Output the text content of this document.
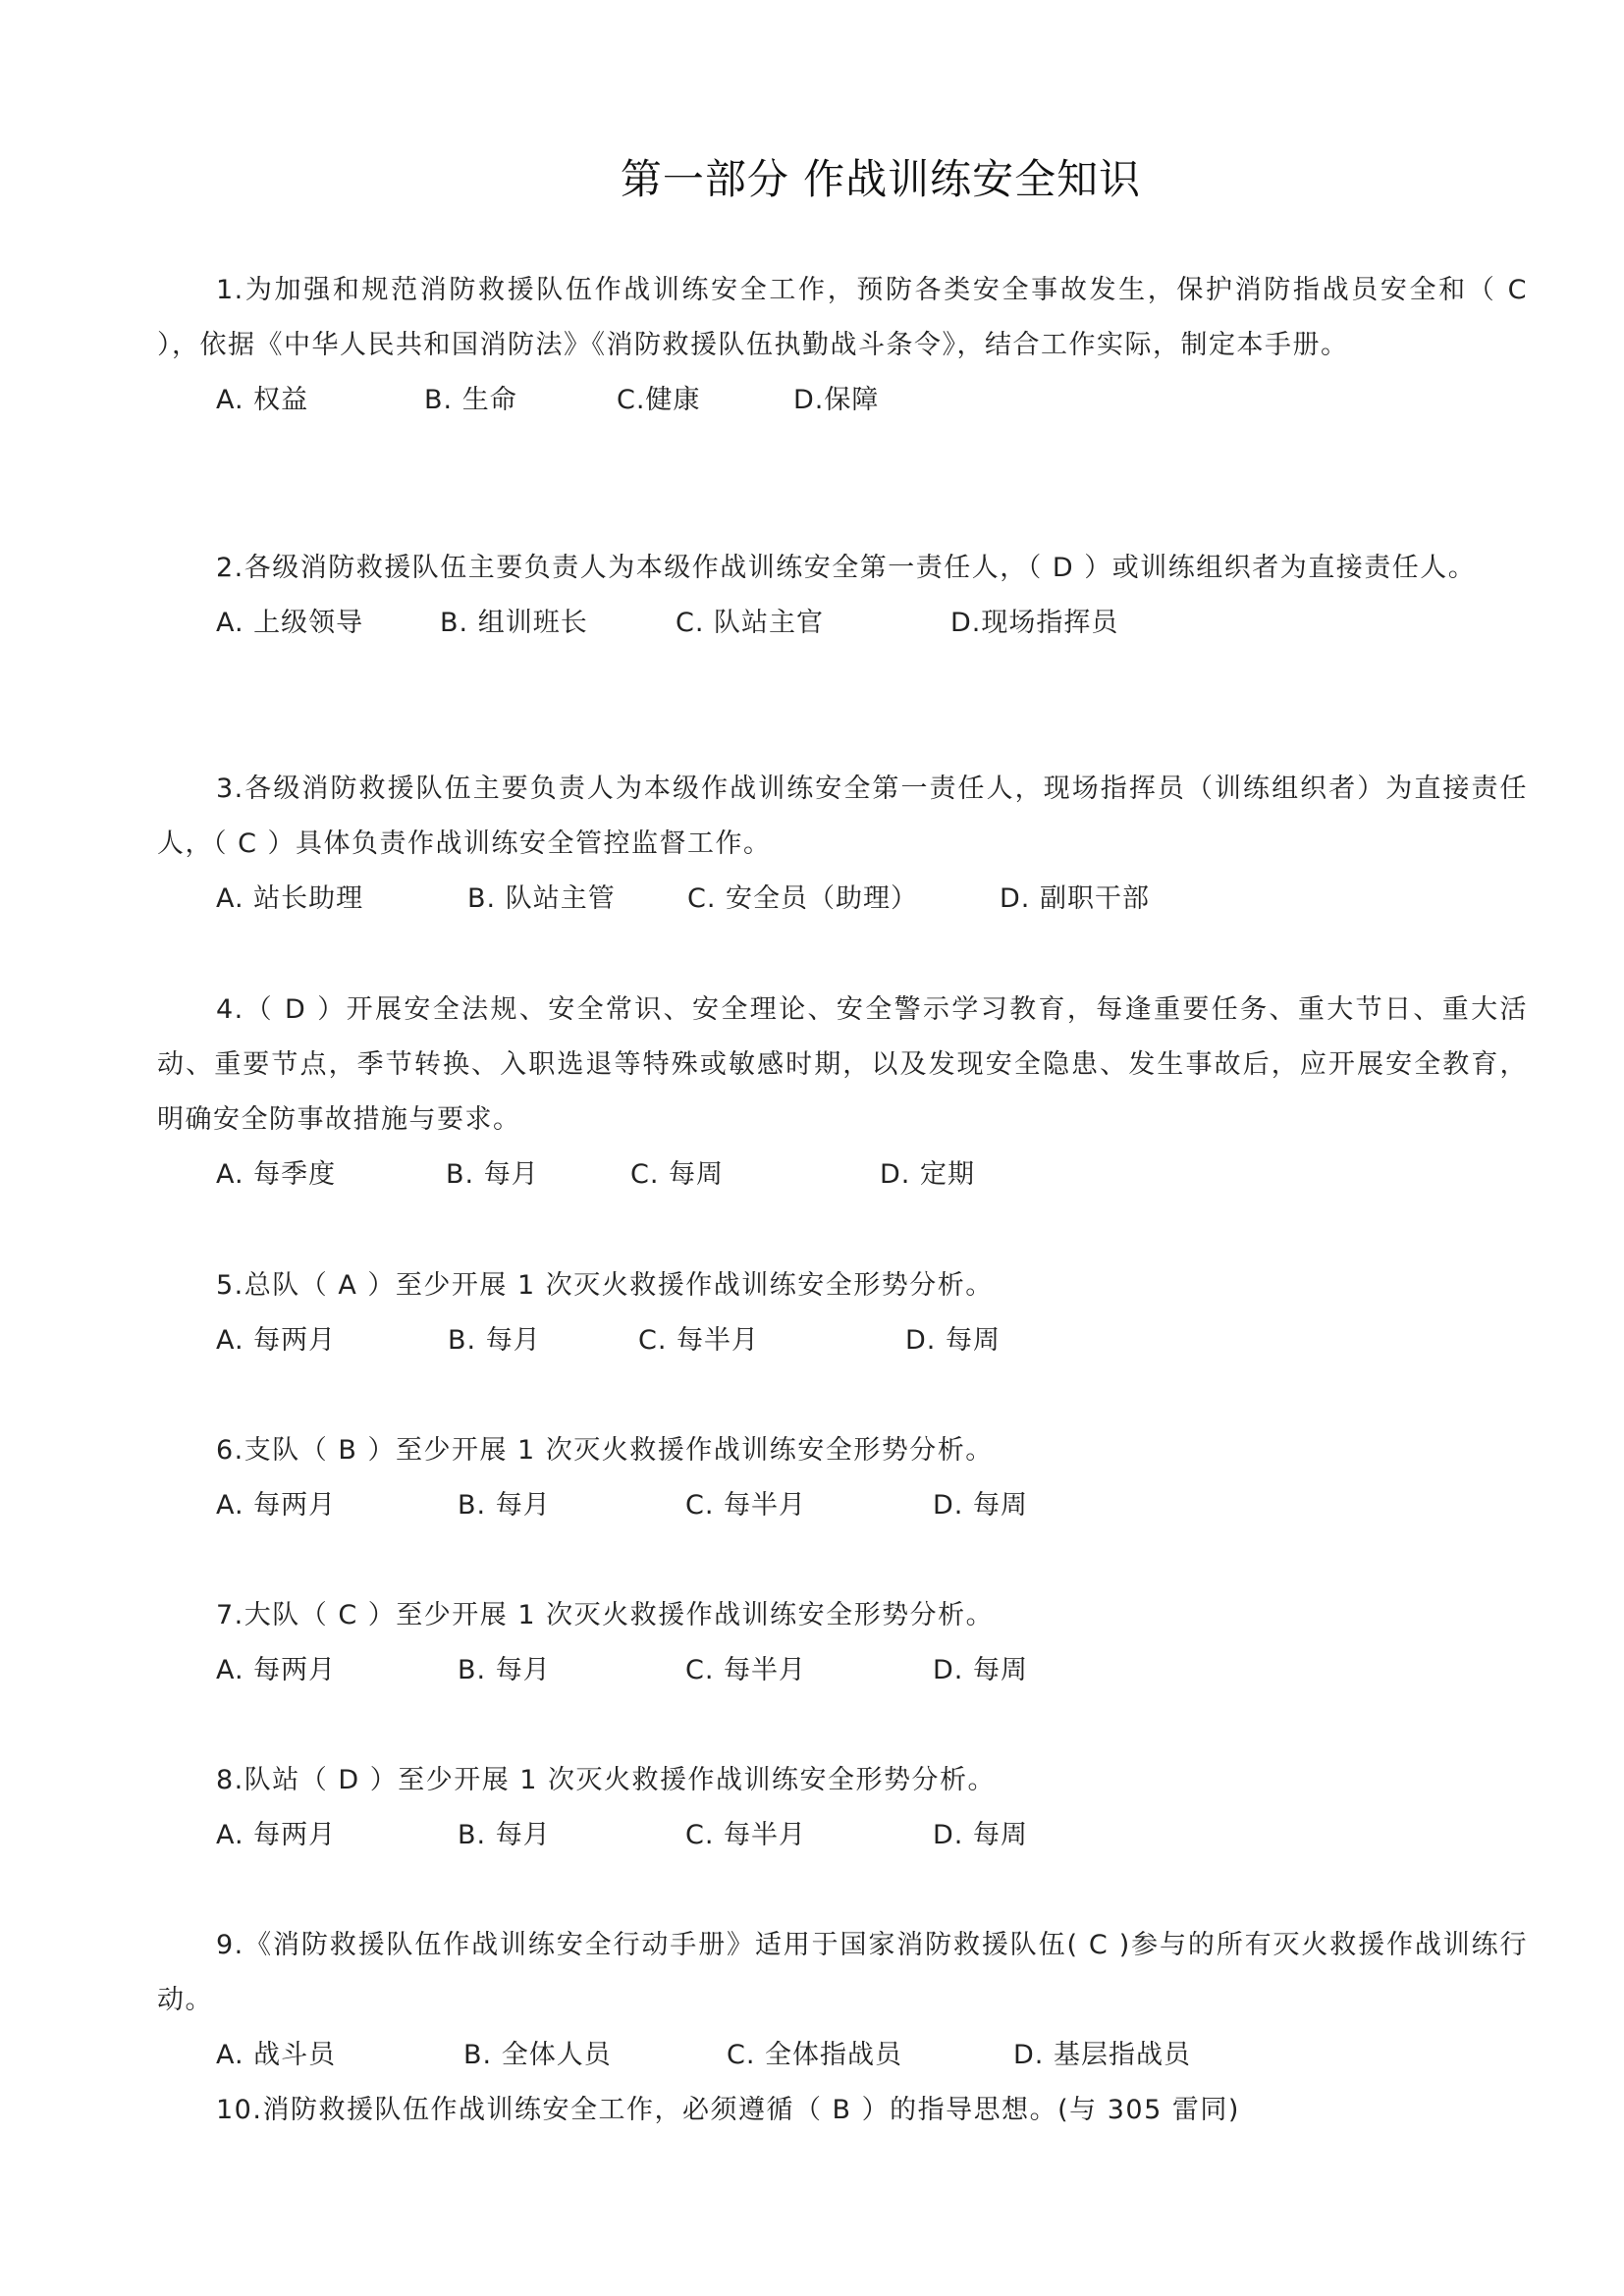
第一部分 作战训练安全知识

1.为加强和规范消防救援队伍作战训练安全工作，预防各类安全事故发生，保护消防指战员安全和（ C ），依据《中华人民共和国消防法》《消防救援队伍执勤战斗条令》，结合工作实际，制定本手册。

A. 权益	B. 生命	C.健康	D.保障

2.各级消防救援队伍主要负责人为本级作战训练安全第一责任人，（ D ）或训练组织者为直接责任人。

A. 上级领导	B. 组训班长	C. 队站主官	D.现场指挥员

3.各级消防救援队伍主要负责人为本级作战训练安全第一责任人，现场指挥员（训练组织者）为直接责任人，（ C ）具体负责作战训练安全管控监督工作。

A. 站长助理	B. 队站主管	C. 安全员（助理）	D. 副职干部

4.（ D ）开展安全法规、安全常识、安全理论、安全警示学习教育，每逢重要任务、重大节日、重大活动、重要节点，季节转换、入职选退等特殊或敏感时期，以及发现安全隐患、发生事故后，应开展安全教育，明确安全防事故措施与要求。

A. 每季度	B. 每月	C. 每周	D. 定期

5.总队（ A ）至少开展 1 次灭火救援作战训练安全形势分析。

A. 每两月	B. 每月	C. 每半月	D. 每周

6.支队（ B ）至少开展 1 次灭火救援作战训练安全形势分析。

A. 每两月	B. 每月	C. 每半月	D. 每周

7.大队（ C ）至少开展 1 次灭火救援作战训练安全形势分析。

A. 每两月	B. 每月	C. 每半月	D. 每周

8.队站（ D ）至少开展 1 次灭火救援作战训练安全形势分析。

A. 每两月	B. 每月	C. 每半月	D. 每周

9.《消防救援队伍作战训练安全行动手册》适用于国家消防救援队伍( C )参与的所有灭火救援作战训练行动。

A. 战斗员	B. 全体人员	C. 全体指战员	D. 基层指战员

10.消防救援队伍作战训练安全工作，必须遵循（ B ）的指导思想。(与 305 雷同)
